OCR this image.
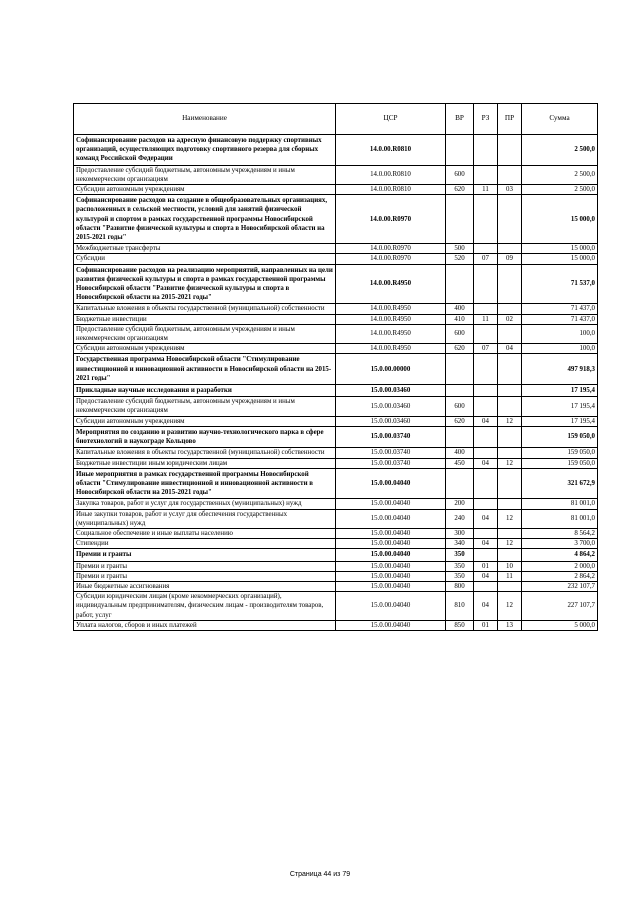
Наименование	ЦСР	ВР	РЗ	ПР	Сумма
Софинансирование расходов на адресную финансовую поддержку спортивных организаций, осуществляющих подготовку спортивного резерва для сборных команд Российской Федерации	14.0.00.R0810				2 500,0
Предоставление субсидий бюджетным, автономным учреждениям и иным некоммерческим организациям	14.0.00.R0810	600			2 500,0
Субсидии автономным учреждениям	14.0.00.R0810	620	11	03	2 500,0
Софинансирование расходов на создание в общеобразовательных организациях, расположенных в сельской местности, условий для занятий физической культурой и спортом в рамках государственной программы Новосибирской области "Развитие физической культуры и спорта в Новосибирской области на 2015-2021 годы"	14.0.00.R0970				15 000,0
Межбюджетные трансферты	14.0.00.R0970	500			15 000,0
Субсидии	14.0.00.R0970	520	07	09	15 000,0
Софинансирование расходов на реализацию мероприятий, направленных на цели развития физической культуры и спорта в рамках государственной программы Новосибирской области "Развитие физической культуры и спорта в Новосибирской области на 2015-2021 годы"	14.0.00.R4950				71 537,0
Капитальные вложения в объекты государственной (муниципальной) собственности	14.0.00.R4950	400			71 437,0
Бюджетные инвестиции	14.0.00.R4950	410	11	02	71 437,0
Предоставление субсидий бюджетным, автономным учреждениям и иным некоммерческим организациям	14.0.00.R4950	600			100,0
Субсидии автономным учреждениям	14.0.00.R4950	620	07	04	100,0
Государственная программа Новосибирской области "Стимулирование инвестиционной и инновационной активности в Новосибирской области на 2015-2021 годы"	15.0.00.00000				497 918,3
Прикладные научные исследования и разработки	15.0.00.03460				17 195,4
Предоставление субсидий бюджетным, автономным учреждениям и иным некоммерческим организациям	15.0.00.03460	600			17 195,4
Субсидии автономным учреждениям	15.0.00.03460	620	04	12	17 195,4
Мероприятия по созданию и развитию научно-технологического парка в сфере биотехнологий в наукограде Кольцово	15.0.00.03740				159 050,0
Капитальные вложения в объекты государственной (муниципальной) собственности	15.0.00.03740	400			159 050,0
Бюджетные инвестиции иным юридическим лицам	15.0.00.03740	450	04	12	159 050,0
Иные мероприятия в рамках государственной программы Новосибирской области "Стимулирование инвестиционной и инновационной активности в Новосибирской области на 2015-2021 годы"	15.0.00.04040				321 672,9
Закупка товаров, работ и услуг для государственных (муниципальных) нужд	15.0.00.04040	200			81 001,0
Иные закупки товаров, работ и услуг для обеспечения государственных (муниципальных) нужд	15.0.00.04040	240	04	12	81 001,0
Социальное обеспечение и иные выплаты населению	15.0.00.04040	300			8 564,2
Стипендии	15.0.00.04040	340	04	12	3 700,0
Премии и гранты	15.0.00.04040	350			4 864,2
Премии и гранты	15.0.00.04040	350	01	10	2 000,0
Премии и гранты	15.0.00.04040	350	04	11	2 864,2
Иные бюджетные ассигнования	15.0.00.04040	800			232 107,7
Субсидии юридическим лицам (кроме некоммерческих организаций), индивидуальным предпринимателям, физическим лицам - производителям товаров, работ, услуг	15.0.00.04040	810	04	12	227 107,7
Уплата налогов, сборов и иных платежей	15.0.00.04040	850	01	13	5 000,0
Страница 44 из 79
